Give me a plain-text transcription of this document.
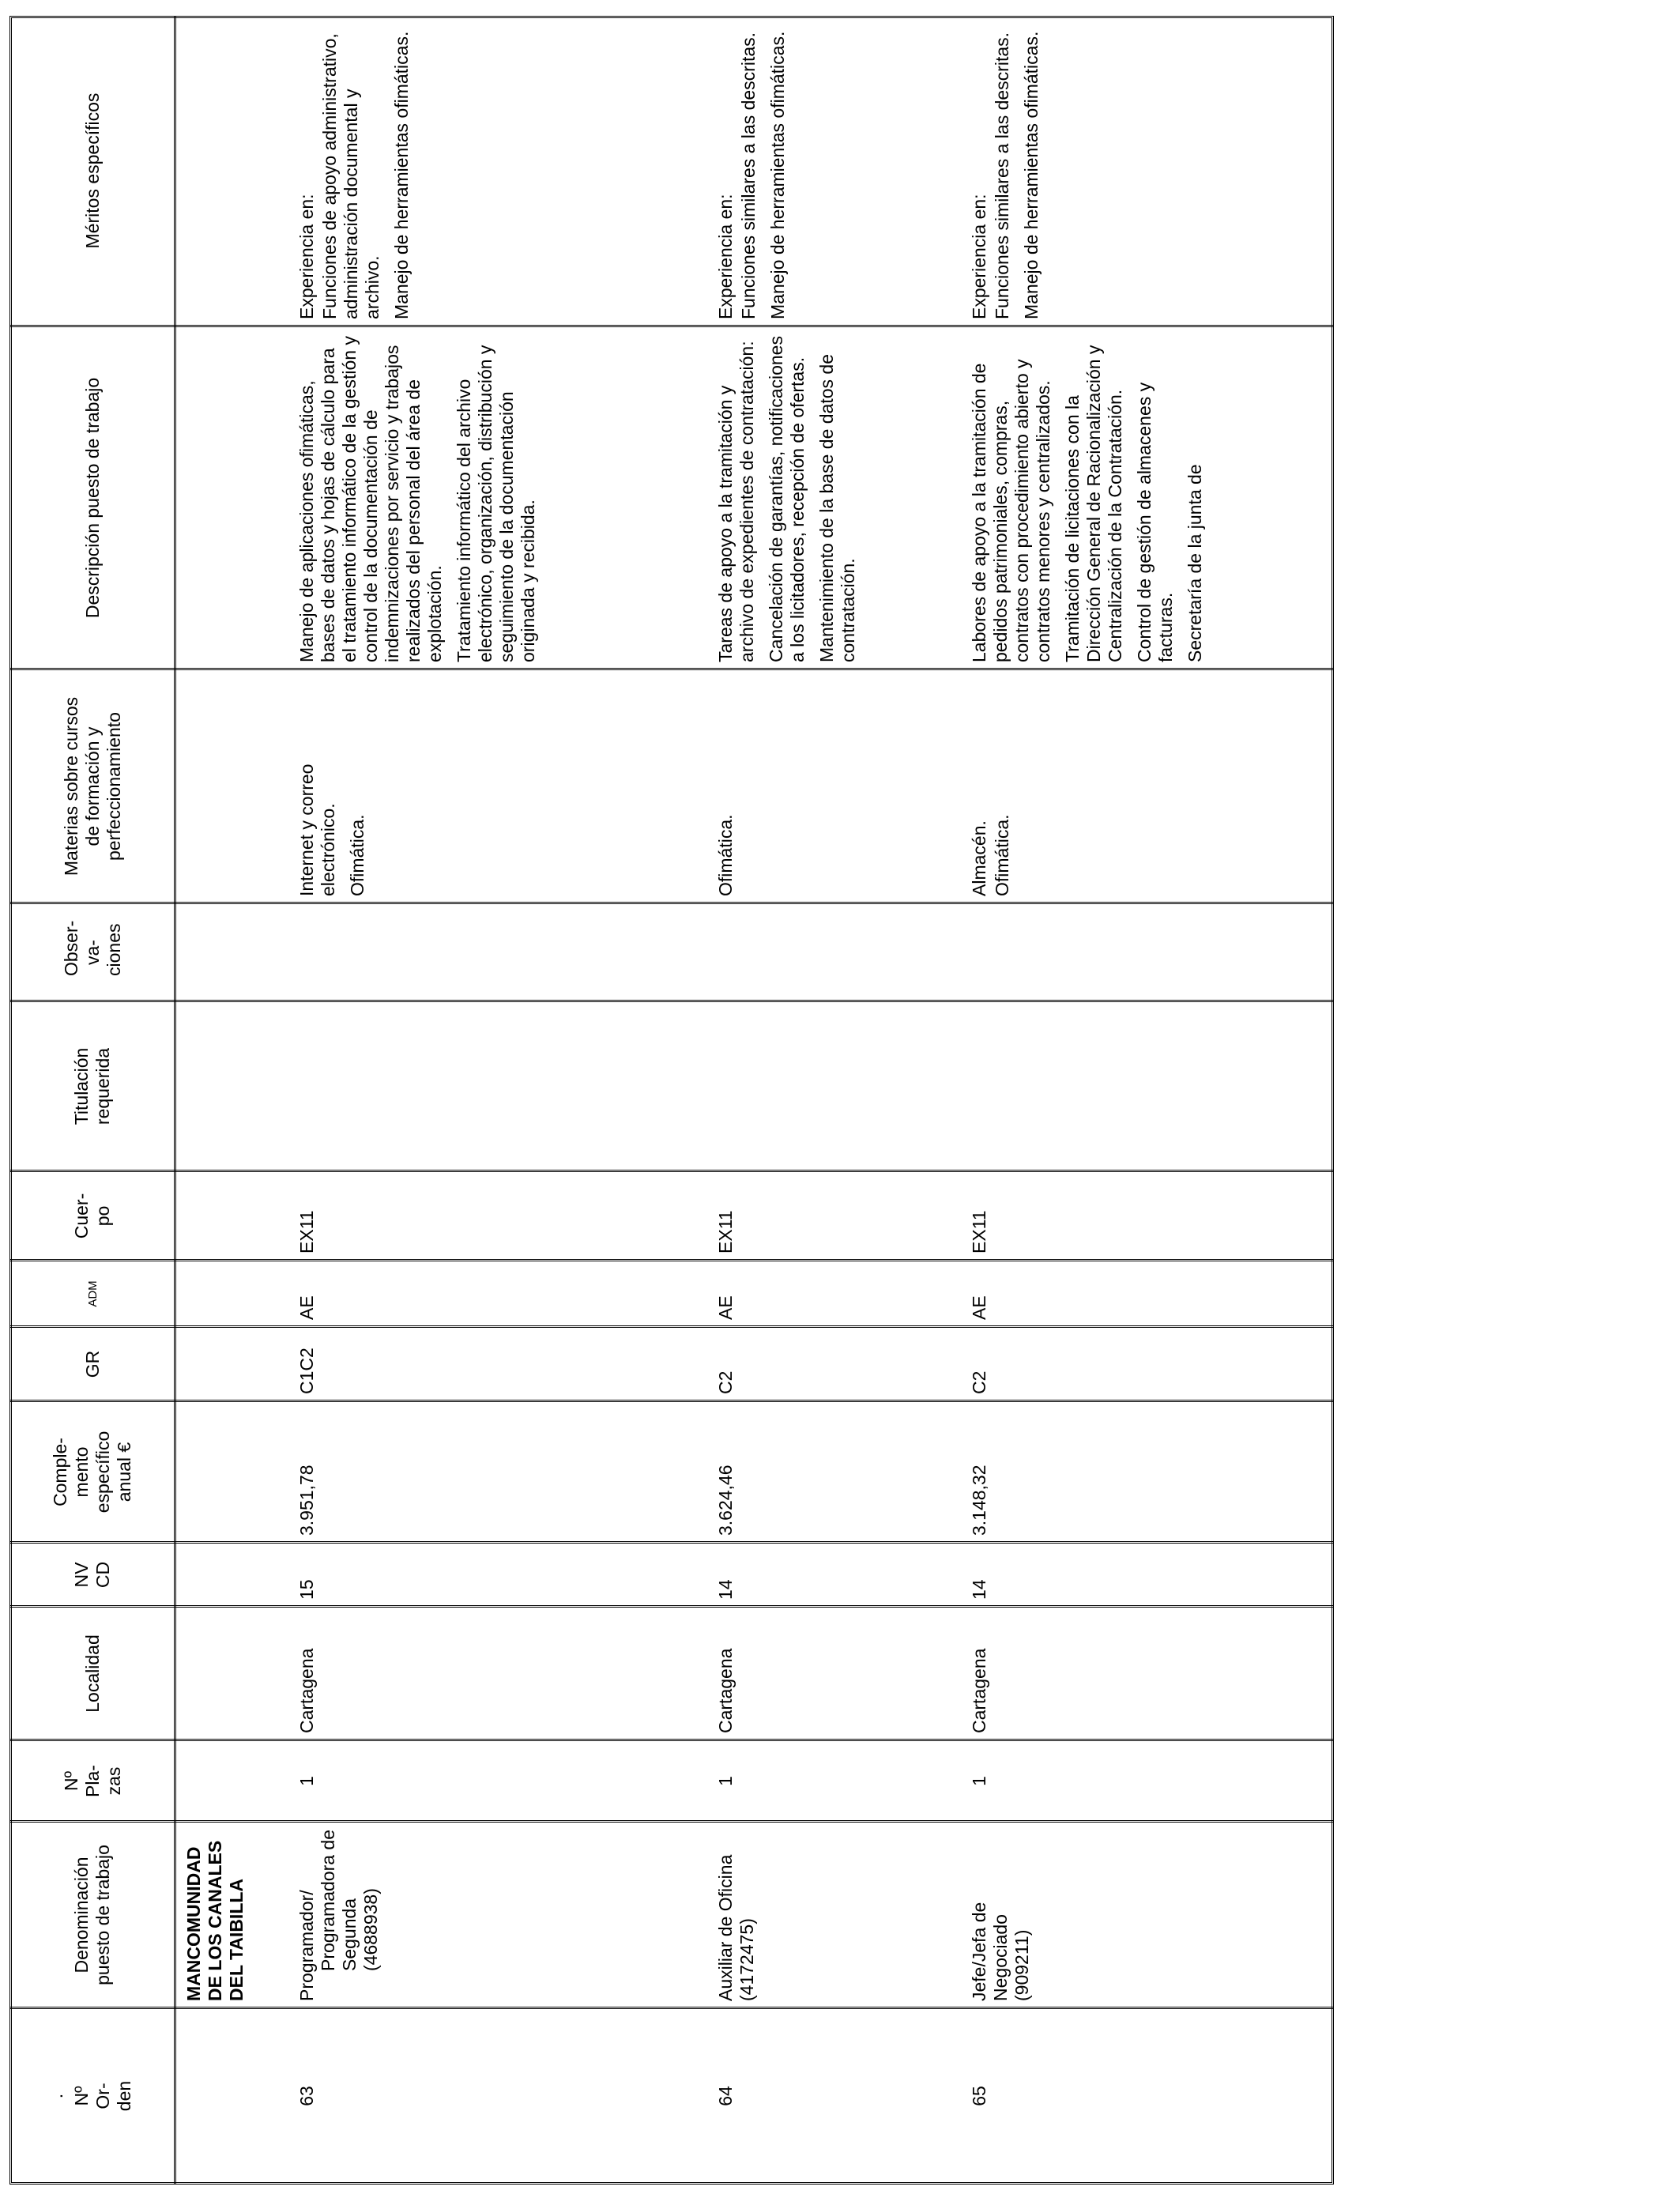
· Nº Or-den
Denominación puesto de trabajo
Nº Pla-zas
Localidad
NV CD
Comple-mento específico anual €
GR
ADM
Cuer-po
Titulación requerida
Obser-va-ciones
Materias sobre cursos de formación y perfeccionamiento
Descripción puesto de trabajo
Méritos específicos

MANCOMUNIDAD DE LOS CANALES DEL TAIBILLA

63
Programador/ Programadora de Segunda (4688938)
1
Cartagena
15
3.951,78
C1C2
AE
EX11

Internet y correo electrónico. Ofimática.

Manejo de aplicaciones ofimáticas, bases de datos y hojas de cálculo para el tratamiento informático de la gestión y control de la documentación de indemnizaciones por servicio y trabajos realizados del personal del área de explotación. Tratamiento informático del archivo electrónico, organización, distribución y seguimiento de la documentación originada y recibida.

Experiencia en: Funciones de apoyo administrativo, administración documental y archivo. Manejo de herramientas ofimáticas.

64
Auxiliar de Oficina (4172475)
1
Cartagena
14
3.624,46
C2
AE
EX11

Ofimática.

Tareas de apoyo a la tramitación y archivo de expedientes de contratación: Cancelación de garantías, notificaciones a los licitadores, recepción de ofertas. Mantenimiento de la base de datos de contratación.

Experiencia en: Funciones similares a las descritas. Manejo de herramientas ofimáticas.

65
Jefe/Jefa de Negociado (909211)
1
Cartagena
14
3.148,32
C2
AE
EX11

Almacén. Ofimática.

Labores de apoyo a la tramitación de pedidos patrimoniales, compras, contratos con procedimiento abierto y contratos menores y centralizados. Tramitación de licitaciones con la Dirección General de Racionalización y Centralización de la Contratación. Control de gestión de almacenes y facturas. Secretaría de la junta de

Experiencia en: Funciones similares a las descritas. Manejo de herramientas ofimáticas.
